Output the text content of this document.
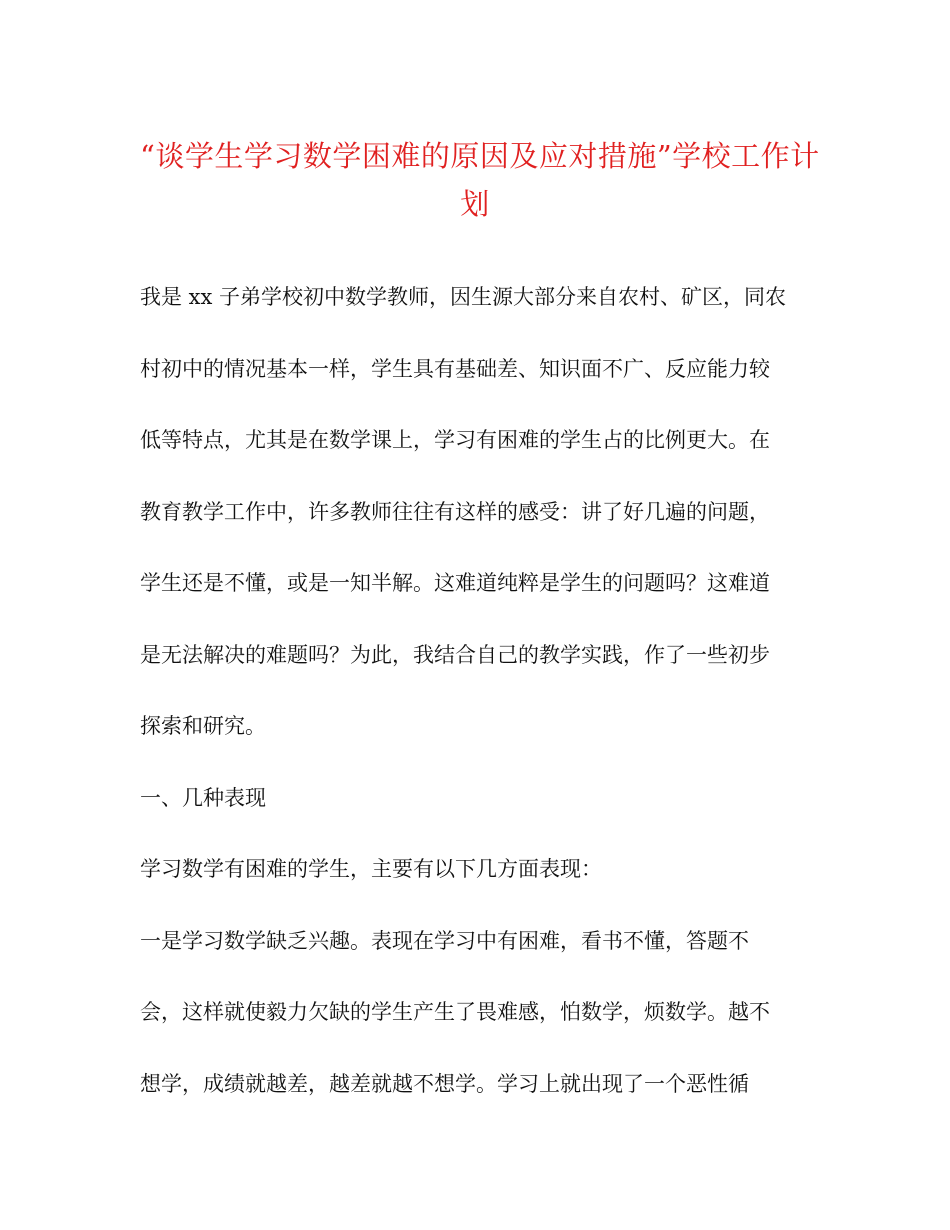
“谈学生学习数学困难的原因及应对措施”学校工作计
划
我是 xx 子弟学校初中数学教师，因生源大部分来自农村、矿区，同农
村初中的情况基本一样，学生具有基础差、知识面不广、反应能力较
低等特点，尤其是在数学课上，学习有困难的学生占的比例更大。在
教育教学工作中，许多教师往往有这样的感受：讲了好几遍的问题，
学生还是不懂，或是一知半解。这难道纯粹是学生的问题吗？这难道
是无法解决的难题吗？为此，我结合自己的教学实践，作了一些初步
探索和研究。
一、几种表现
学习数学有困难的学生，主要有以下几方面表现：
一是学习数学缺乏兴趣。表现在学习中有困难，看书不懂，答题不
会，这样就使毅力欠缺的学生产生了畏难感，怕数学，烦数学。越不
想学，成绩就越差，越差就越不想学。学习上就出现了一个恶性循
